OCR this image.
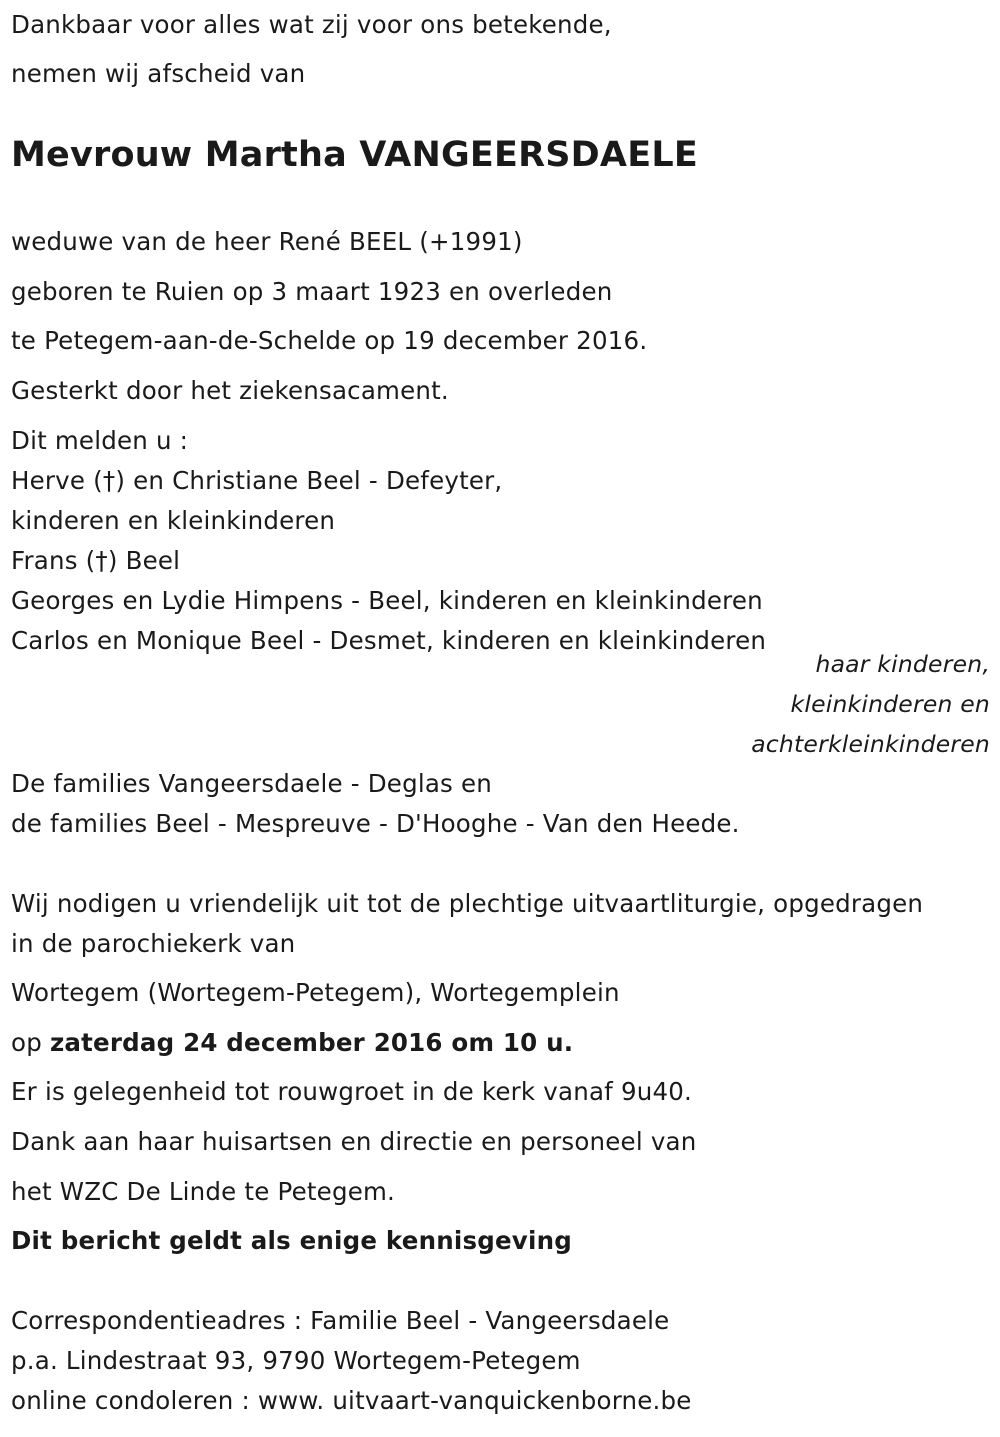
Dankbaar voor alles wat zij voor ons betekende,
nemen wij afscheid van
Mevrouw Martha VANGEERSDAELE
weduwe van de heer René BEEL (+1991)
geboren te Ruien op 3 maart 1923 en overleden
te Petegem-aan-de-Schelde op 19 december 2016.
Gesterkt door het ziekensacament.
Dit melden u :
Herve (†) en Christiane Beel - Defeyter,
kinderen en kleinkinderen
Frans (†) Beel
Georges en Lydie Himpens - Beel, kinderen en kleinkinderen
Carlos en Monique Beel - Desmet, kinderen en kleinkinderen
haar kinderen,
kleinkinderen en
achterkleinkinderen
De families Vangeersdaele - Deglas en
de families Beel - Mespreuve - D'Hooghe - Van den Heede.
Wij nodigen u vriendelijk uit tot de plechtige uitvaartliturgie, opgedragen
in de parochiekerk van
Wortegem (Wortegem-Petegem), Wortegemplein
op zaterdag 24 december 2016 om 10 u.
Er is gelegenheid tot rouwgroet in de kerk vanaf 9u40.
Dank aan haar huisartsen en directie en personeel van
het WZC De Linde te Petegem.
Dit bericht geldt als enige kennisgeving
Correspondentieadres : Familie Beel - Vangeersdaele
p.a. Lindestraat 93, 9790 Wortegem-Petegem
online condoleren : www. uitvaart-vanquickenborne.be
